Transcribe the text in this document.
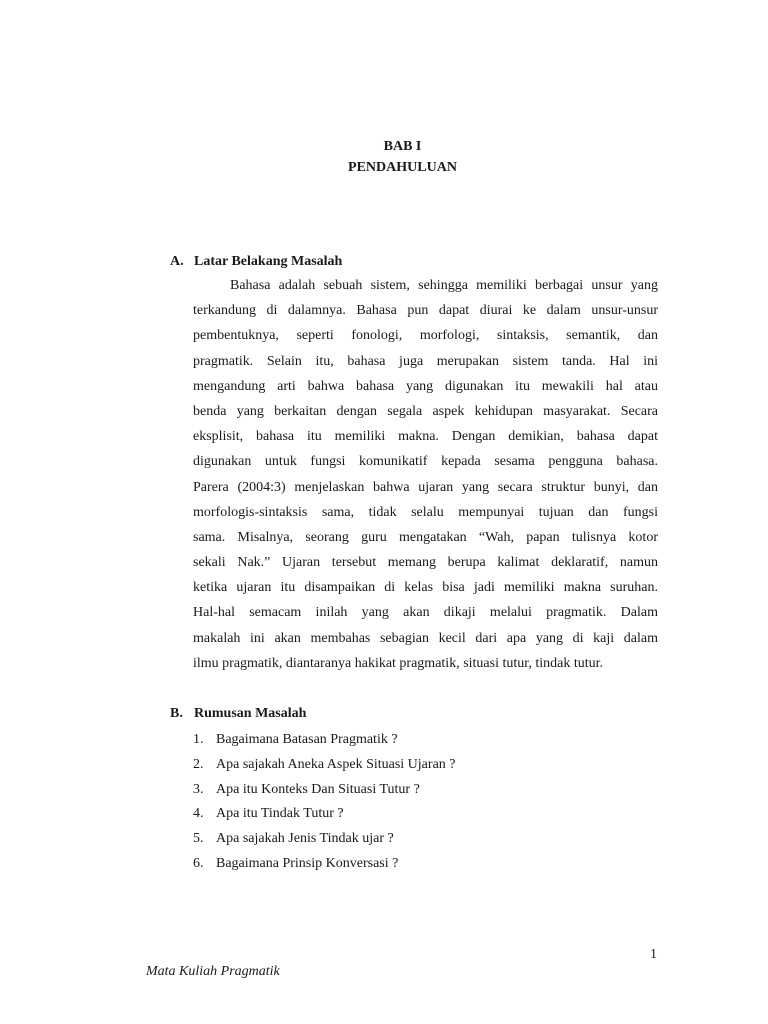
BAB I
PENDAHULUAN
A. Latar Belakang Masalah
Bahasa adalah sebuah sistem, sehingga memiliki berbagai unsur yang
terkandung di dalamnya. Bahasa pun dapat diurai ke dalam unsur-unsur
pembentuknya, seperti fonologi, morfologi, sintaksis, semantik, dan
pragmatik. Selain itu, bahasa juga merupakan sistem tanda. Hal ini
mengandung arti bahwa bahasa yang digunakan itu mewakili hal atau
benda yang berkaitan dengan segala aspek kehidupan masyarakat. Secara
eksplisit, bahasa itu memiliki makna. Dengan demikian, bahasa dapat
digunakan untuk fungsi komunikatif kepada sesama pengguna bahasa.
Parera (2004:3) menjelaskan bahwa ujaran yang secara struktur bunyi, dan
morfologis-sintaksis sama, tidak selalu mempunyai tujuan dan fungsi
sama. Misalnya, seorang guru mengatakan “Wah, papan tulisnya kotor
sekali Nak.” Ujaran tersebut memang berupa kalimat deklaratif, namun
ketika ujaran itu disampaikan di kelas bisa jadi memiliki makna suruhan.
Hal-hal semacam inilah yang akan dikaji melalui pragmatik. Dalam
makalah ini akan membahas sebagian kecil dari apa yang di kaji dalam
ilmu pragmatik, diantaranya hakikat pragmatik, situasi tutur, tindak tutur.
B. Rumusan Masalah
1. Bagaimana Batasan Pragmatik ?
2. Apa sajakah Aneka Aspek Situasi Ujaran ?
3. Apa itu Konteks Dan Situasi Tutur ?
4. Apa itu Tindak Tutur ?
5. Apa sajakah Jenis Tindak ujar ?
6. Bagaimana Prinsip Konversasi ?
1
Mata Kuliah Pragmatik
